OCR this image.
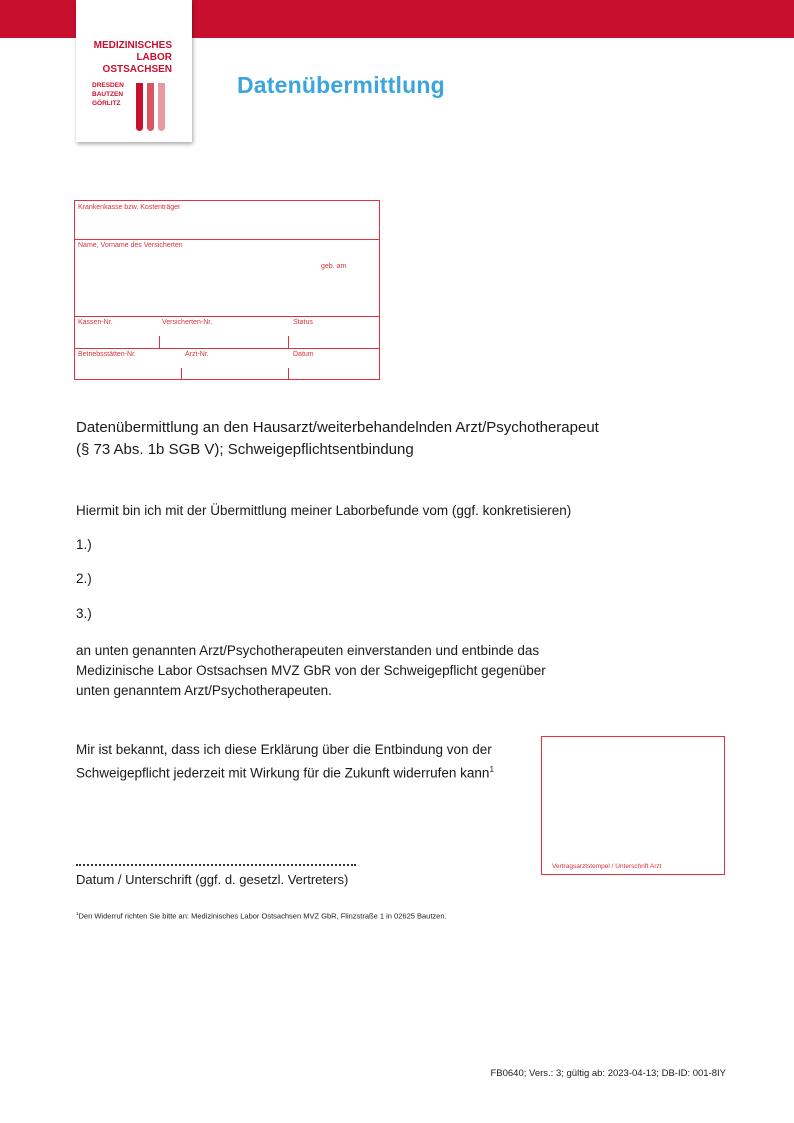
MEDIZINISCHES
LABOR
OSTSACHSEN
DRESDEN
BAUTZEN
GÖRLITZ
Datenübermittlung
Krankenkasse bzw. Kostenträger
Name, Vorname des Versicherten
geb. am
Kassen-Nr.	Versicherten-Nr.	Status
Betriebsstätten-Nr.	Arzt-Nr.	Datum
Datenübermittlung an den Hausarzt/weiterbehandelnden Arzt/Psychotherapeut
(§ 73 Abs. 1b SGB V); Schweigepflichtsentbindung
Hiermit bin ich mit der Übermittlung meiner Laborbefunde vom (ggf. konkretisieren)
1.)
2.)
3.)
an unten genannten Arzt/Psychotherapeuten einverstanden und entbinde das
Medizinische Labor Ostsachsen MVZ GbR von der Schweigepflicht gegenüber
unten genanntem Arzt/Psychotherapeuten.
Mir ist bekannt, dass ich diese Erklärung über die Entbindung von der
Schweigepflicht jederzeit mit Wirkung für die Zukunft widerrufen kann$^1$
Vertragsarztstempel / Unterschrift Arzt
Datum / Unterschrift (ggf. d. gesetzl. Vertreters)
$^1$Den Widerruf richten Sie bitte an: Medizinisches Labor Ostsachsen MVZ GbR, Flinzstraße 1 in 02625 Bautzen.
FB0640; Vers.: 3; gültig ab: 2023-04-13; DB-ID: 001-8IY
